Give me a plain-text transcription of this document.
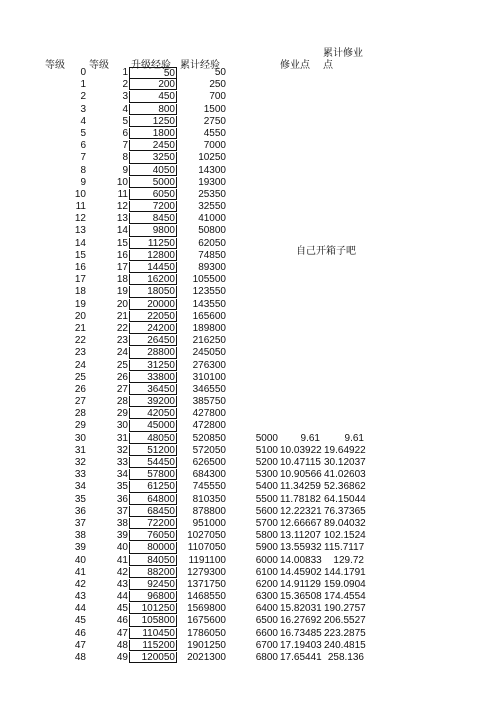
等级 等级 升级经验 累计经验	修业点
累计修业
点
自己开箱子吧
0	1	50	50
1	2	200	250
2	3	450	700
3	4	800	1500
4	5	1250	2750
5	6	1800	4550
6	7	2450	7000
7	8	3250	10250
8	9	4050	14300
9	10	5000	19300
10	11	6050	25350
11	12	7200	32550
12	13	8450	41000
13	14	9800	50800
14	15	11250	62050
15	16	12800	74850
16	17	14450	89300
17	18	16200	105500
18	19	18050	123550
19	20	20000	143550
20	21	22050	165600
21	22	24200	189800
22	23	26450	216250
23	24	28800	245050
24	25	31250	276300
25	26	33800	310100
26	27	36450	346550
27	28	39200	385750
28	29	42050	427800
29	30	45000	472800
30	31	48050	520850	5000	9.61	9.61
31	32	51200	572050	5100 10.03922 19.64922
32	33	54450	626500	5200 10.47115 30.12037
33	34	57800	684300	5300 10.90566 41.02603
34	35	61250	745550	5400 11.34259 52.36862
35	36	64800	810350	5500 11.78182 64.15044
36	37	68450	878800	5600 12.22321 76.37365
37	38	72200	951000	5700 12.66667 89.04032
38	39	76050	1027050	5800 13.11207 102.1524
39	40	80000	1107050	5900 13.55932 115.7117
40	41	84050	1191100	6000 14.00833	129.72
41	42	88200	1279300	6100 14.45902 144.1791
42	43	92450	1371750	6200 14.91129 159.0904
43	44	96800	1468550	6300 15.36508 174.4554
44	45	101250	1569800	6400 15.82031 190.2757
45	46	105800	1675600	6500 16.27692 206.5527
46	47	110450	1786050	6600 16.73485 223.2875
47	48	115200	1901250	6700 17.19403 240.4815
48	49	120050	2021300	6800 17.65441 258.136
